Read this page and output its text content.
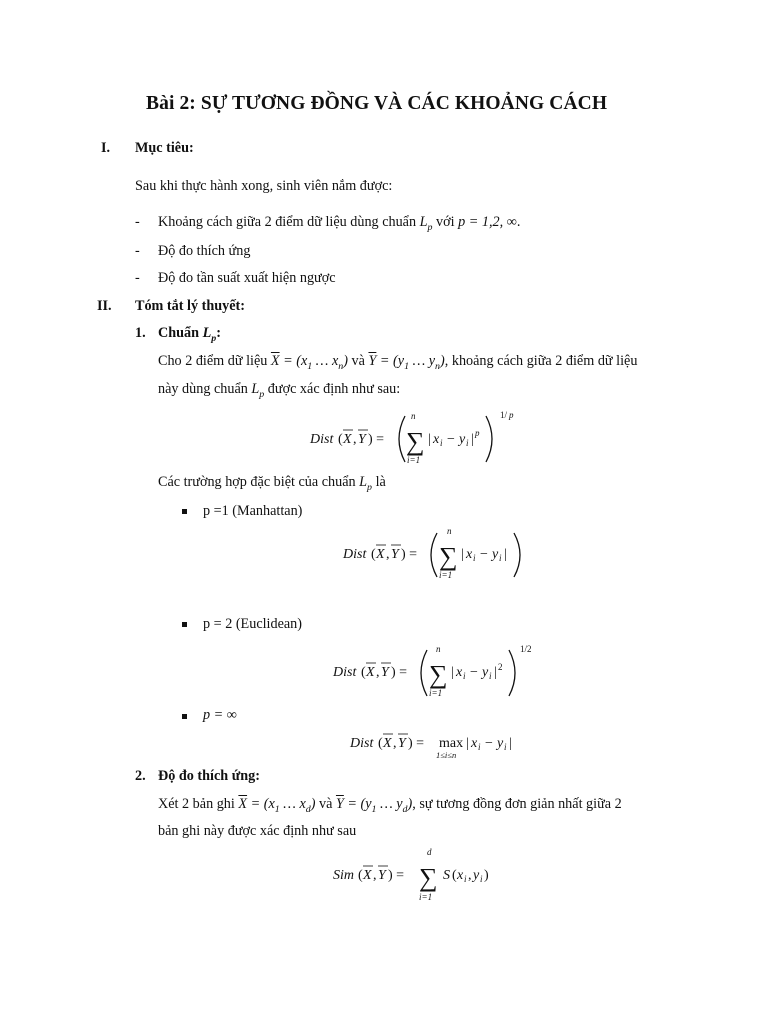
Bài 2: SỰ TƯƠNG ĐỒNG VÀ CÁC KHOẢNG CÁCH
I. Mục tiêu:
Sau khi thực hành xong, sinh viên nắm được:
- Khoảng cách giữa 2 điểm dữ liệu dùng chuẩn $L_p$ với p = 1,2, ∞.
- Độ đo thích ứng
- Độ đo tần suất xuất hiện ngược
II. Tóm tắt lý thuyết:
1. Chuẩn $L_p$:
Cho 2 điểm dữ liệu $\overline{X} = (x_1$ … $x_n$) và $\overline{Y} = (y_1$ … $y_n$), khoảng cách giữa 2 điểm dữ liệu
này dùng chuẩn $L_p$ được xác định như sau:
Dist ( X , Y ) =
n
∑
i=1
| x i − y i | p
1/ p
Các trường hợp đặc biệt của chuẩn $L_p$ là
p =1 (Manhattan)
Dist ( X , Y ) =
n
∑
i=1
| x i − y i |
p = 2 (Euclidean)
Dist ( X , Y ) =
n
∑
i=1
| x i − y i | 2
1/2
p = ∞
Dist ( X , Y ) = max
1≤i≤n
| x i − y i |
2. Độ đo thích ứng:
Xét 2 bản ghi $\overline{X} = (x_1$ … $x_d$) và $\overline{Y} = (y_1$ … $y_d$), sự tương đồng đơn giản nhất giữa 2
bản ghi này được xác định như sau
Sim ( X , Y ) =
d
∑
i=1
S ( x i , y i )
